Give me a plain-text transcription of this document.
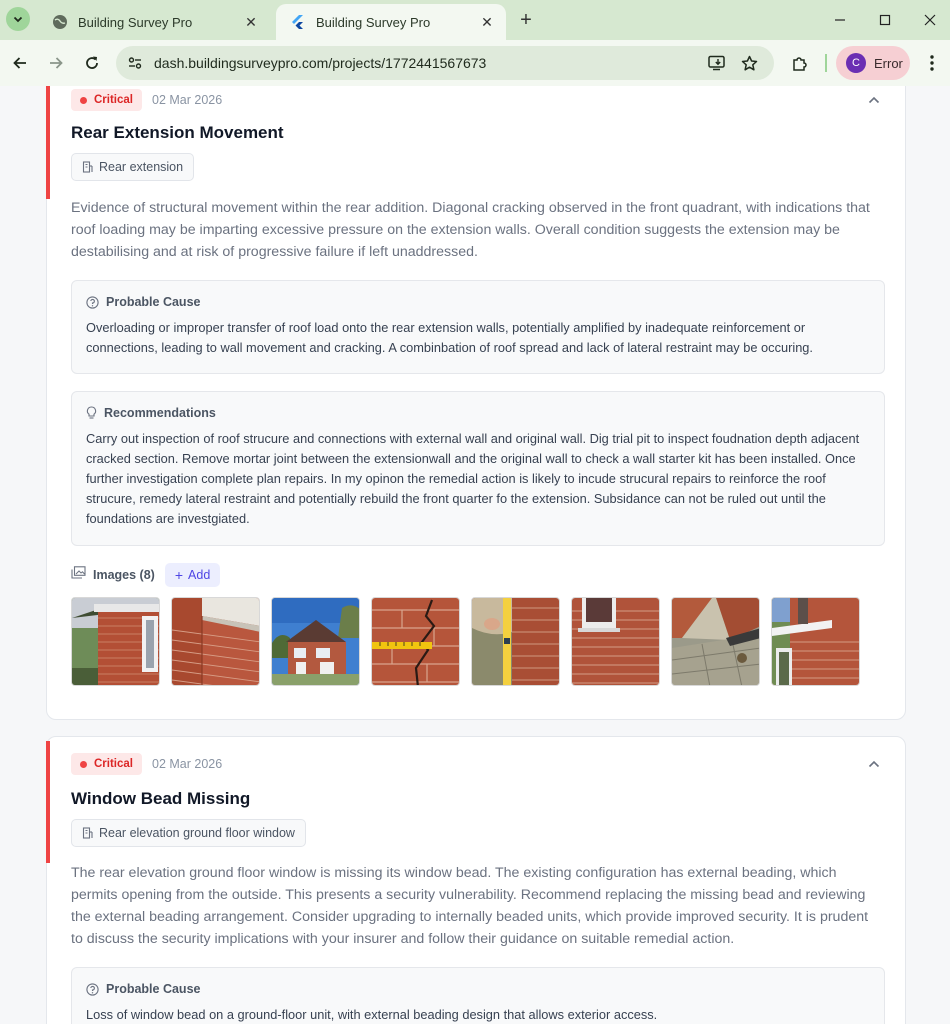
Building Survey Pro	✕	Building Survey Pro	✕	+
dash.buildingsurveypro.com/projects/1772441567673	C	Error
Critical 02 Mar 2026
Rear Extension Movement
Rear extension
Evidence of structural movement within the rear addition. Diagonal cracking observed in the front quadrant, with indications that roof loading may be imparting excessive pressure on the extension walls. Overall condition suggests the extension may be destabilising and at risk of progressive failure if left unaddressed.
Probable Cause
Overloading or improper transfer of roof load onto the rear extension walls, potentially amplified by inadequate reinforcement or connections, leading to wall movement and cracking. A combinbation of roof spread and lack of lateral restraint may be occuring.
Recommendations
Carry out inspection of roof strucure and connections with external wall and original wall. Dig trial pit to inspect foudnation depth adjacent cracked section. Remove mortar joint between the extensionwall and the original wall to check a wall starter kit has been installed. Once further investigation complete plan repairs. In my opinon the remedial action is likely to incude strucural repairs to reinforce the roof strucure, remedy lateral restraint and potentially rebuild the front quarter fo the extension. Subsidance can not be ruled out until the foundations are investgiated.
Images (8) + Add
Critical 02 Mar 2026
Window Bead Missing
Rear elevation ground floor window
The rear elevation ground floor window is missing its window bead. The existing configuration has external beading, which permits opening from the outside. This presents a security vulnerability. Recommend replacing the missing bead and reviewing the external beading arrangement. Consider upgrading to internally beaded units, which provide improved security. It is prudent to discuss the security implications with your insurer and follow their guidance on suitable remedial action.
Probable Cause
Loss of window bead on a ground-floor unit, with external beading design that allows exterior access.
